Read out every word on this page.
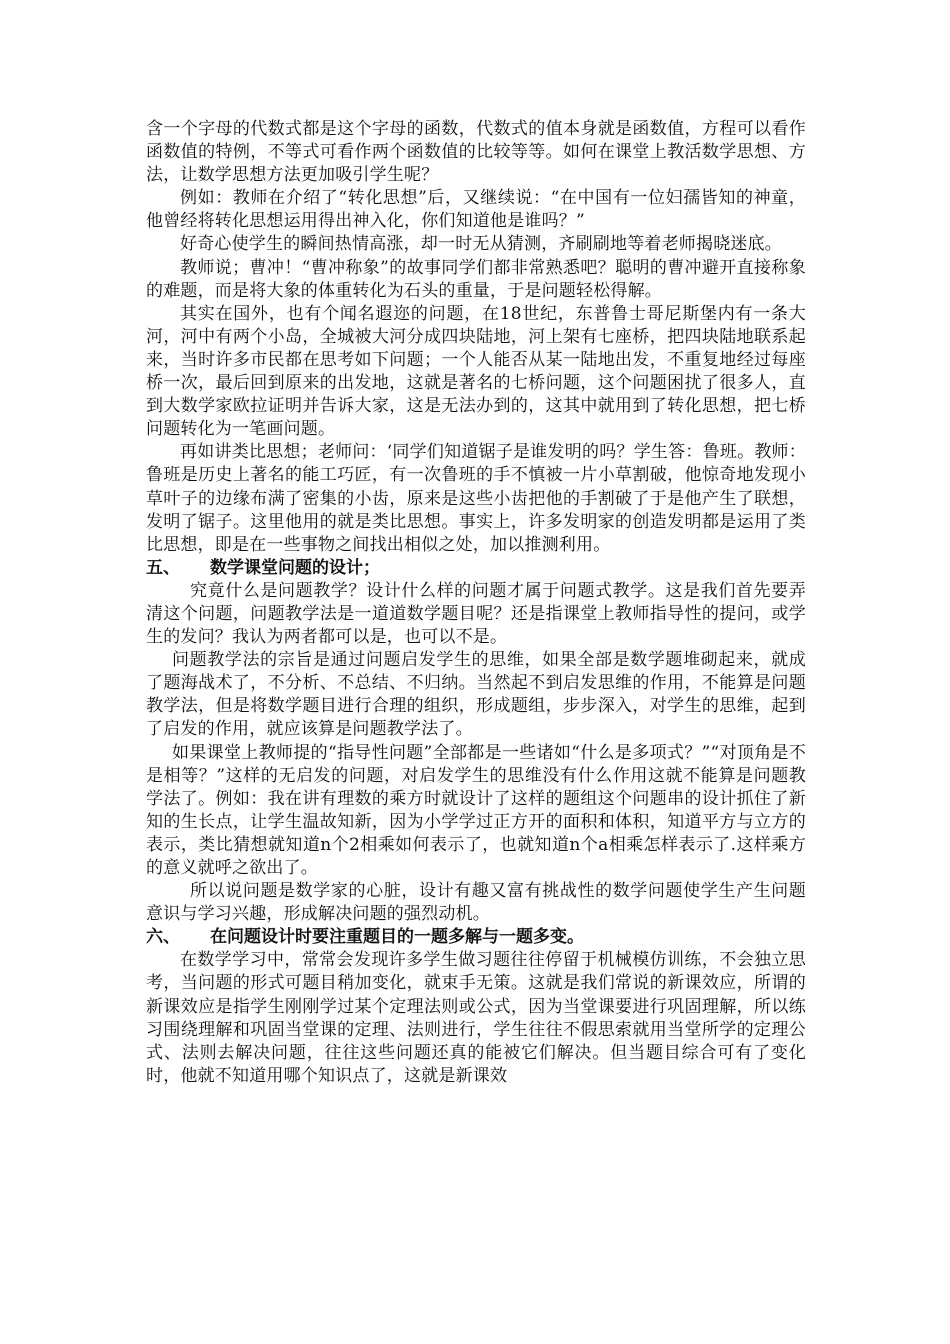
含一个字母的代数式都是这个字母的函数，代数式的值本身就是函数值，方程可以看作函数值的特例，不等式可看作两个函数值的比较等等。如何在课堂上教活数学思想、方法，让数学思想方法更加吸引学生呢？

例如：教师在介绍了“转化思想”后，又继续说：“在中国有一位妇孺皆知的神童，他曾经将转化思想运用得出神入化，你们知道他是谁吗？”

好奇心使学生的瞬间热情高涨，却一时无从猜测，齐刷刷地等着老师揭晓迷底。

教师说；曹冲！“曹冲称象”的故事同学们都非常熟悉吧？聪明的曹冲避开直接称象的难题，而是将大象的体重转化为石头的重量，于是问题轻松得解。

其实在国外，也有个闻名遐迩的问题，在18世纪，东普鲁士哥尼斯堡内有一条大河，河中有两个小岛，全城被大河分成四块陆地，河上架有七座桥，把四块陆地联系起来，当时许多市民都在思考如下问题；一个人能否从某一陆地出发，不重复地经过每座桥一次，最后回到原来的出发地，这就是著名的七桥问题，这个问题困扰了很多人，直到大数学家欧拉证明并告诉大家，这是无法办到的，这其中就用到了转化思想，把七桥问题转化为一笔画问题。

再如讲类比思想；老师问：‘同学们知道锯子是谁发明的吗？学生答：鲁班。教师：鲁班是历史上著名的能工巧匠，有一次鲁班的手不慎被一片小草割破，他惊奇地发现小草叶子的边缘布满了密集的小齿，原来是这些小齿把他的手割破了于是他产生了联想，发明了锯子。这里他用的就是类比思想。事实上，许多发明家的创造发明都是运用了类比思想，即是在一些事物之间找出相似之处，加以推测利用。

五、 数学课堂问题的设计；

究竟什么是问题教学？设计什么样的问题才属于问题式教学。这是我们首先要弄清这个问题，问题教学法是一道道数学题目呢？还是指课堂上教师指导性的提问，或学生的发问？我认为两者都可以是，也可以不是。

问题教学法的宗旨是通过问题启发学生的思维，如果全部是数学题堆砌起来，就成了题海战术了，不分析、不总结、不归纳。当然起不到启发思维的作用，不能算是问题教学法，但是将数学题目进行合理的组织，形成题组，步步深入，对学生的思维，起到了启发的作用，就应该算是问题教学法了。

如果课堂上教师提的“指导性问题”全部都是一些诸如“什么是多项式？”“对顶角是不是相等？”这样的无启发的问题，对启发学生的思维没有什么作用这就不能算是问题教学法了。例如：我在讲有理数的乘方时就设计了这样的题组这个问题串的设计抓住了新知的生长点，让学生温故知新，因为小学学过正方开的面积和体积，知道平方与立方的表示，类比猜想就知道n个2相乘如何表示了，也就知道n个a相乘怎样表示了.这样乘方的意义就呼之欲出了。

所以说问题是数学家的心脏，设计有趣又富有挑战性的数学问题使学生产生问题意识与学习兴趣，形成解决问题的强烈动机。

六、 在问题设计时要注重题目的一题多解与一题多变。

在数学学习中，常常会发现许多学生做习题往往停留于机械模仿训练，不会独立思考，当问题的形式可题目稍加变化，就束手无策。这就是我们常说的新课效应，所谓的新课效应是指学生刚刚学过某个定理法则或公式，因为当堂课要进行巩固理解，所以练习围绕理解和巩固当堂课的定理、法则进行，学生往往不假思索就用当堂所学的定理公式、法则去解决问题，往往这些问题还真的能被它们解决。但当题目综合可有了变化时，他就不知道用哪个知识点了，这就是新课效
